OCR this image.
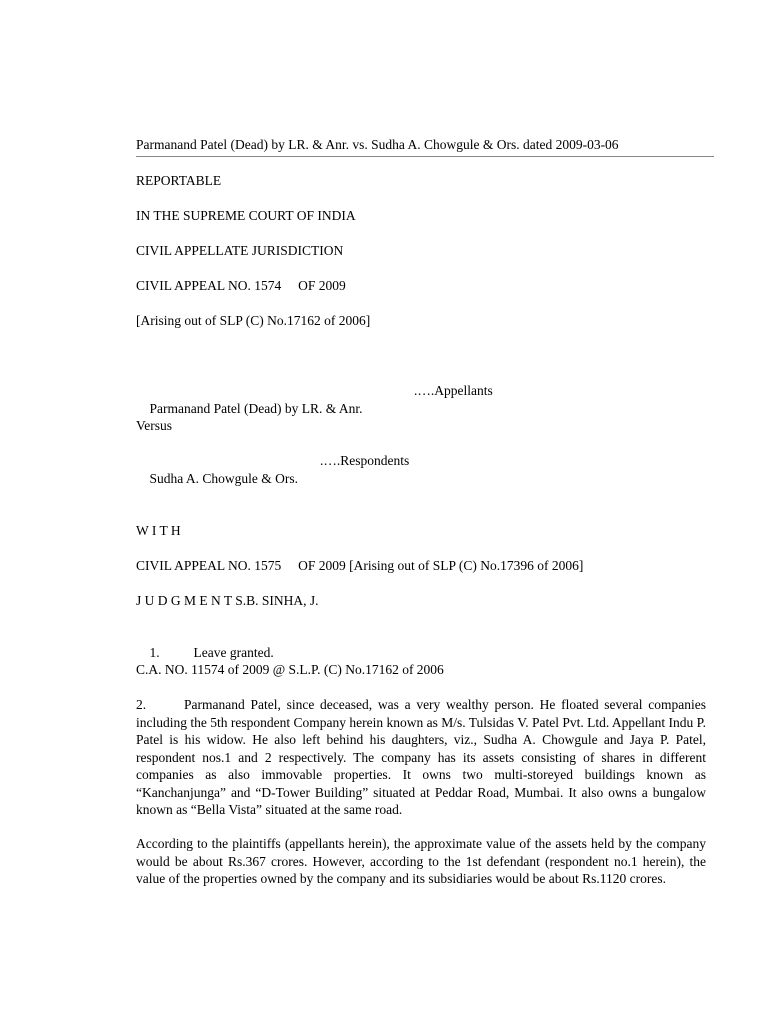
Parmanand Patel (Dead) by LR. & Anr. vs. Sudha A. Chowgule & Ors. dated 2009-03-06
REPORTABLE
IN THE SUPREME COURT OF INDIA
CIVIL APPELLATE JURISDICTION
CIVIL APPEAL NO. 1574     OF 2009
[Arising out of SLP (C) No.17162 of 2006]

Parmanand Patel (Dead) by LR. & Anr.

.….Appellants

Versus

Sudha A. Chowgule & Ors.

.….Respondents

W I T H
CIVIL APPEAL NO. 1575     OF 2009 [Arising out of SLP (C) No.17396 of 2006]
J U D G M E N T S.B. SINHA, J.

1.	Leave granted.

C.A. NO. 11574 of 2009 @ S.L.P. (C) No.17162 of 2006
2.	Parmanand Patel, since deceased, was a very wealthy person. He floated several companies including the 5th respondent Company herein known as M/s. Tulsidas V. Patel Pvt. Ltd. Appellant Indu P. Patel is his widow. He also left behind his daughters, viz., Sudha A. Chowgule and Jaya P. Patel, respondent nos.1 and 2 respectively. The company has its assets consisting of shares in different companies as also immovable properties. It owns two multi-storeyed buildings known as “Kanchanjunga” and “D-Tower Building” situated at Peddar Road, Mumbai. It also owns a bungalow known as “Bella Vista” situated at the same road.
According to the plaintiffs (appellants herein), the approximate value of the assets held by the company would be about Rs.367 crores. However, according to the 1st defendant (respondent no.1 herein), the value of the properties owned by the company and its subsidiaries would be about Rs.1120 crores.
